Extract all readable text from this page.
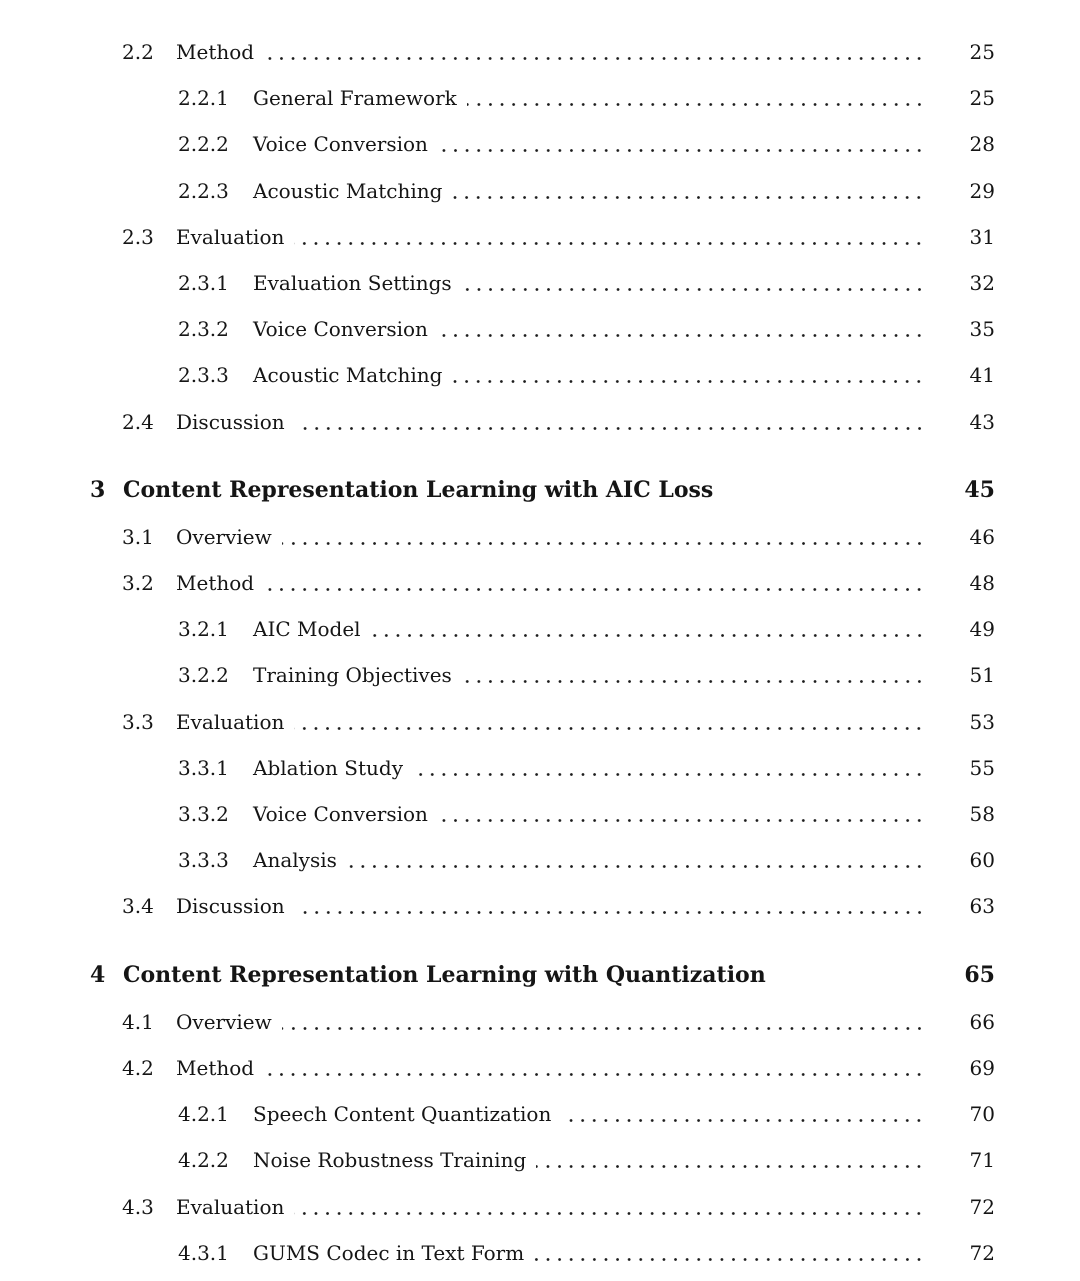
2.2	Method	25
2.2.1	General Framework	25
2.2.2	Voice Conversion	28
2.2.3	Acoustic Matching	29
2.3	Evaluation	31
2.3.1	Evaluation Settings	32
2.3.2	Voice Conversion	35
2.3.3	Acoustic Matching	41
2.4	Discussion	43
3 Content Representation Learning with AIC Loss	45
3.1	Overview	46
3.2	Method	48
3.2.1	AIC Model	49
3.2.2	Training Objectives	51
3.3	Evaluation	53
3.3.1	Ablation Study	55
3.3.2	Voice Conversion	58
3.3.3	Analysis	60
3.4	Discussion	63
4 Content Representation Learning with Quantization	65
4.1	Overview	66
4.2	Method	69
4.2.1	Speech Content Quantization	70
4.2.2	Noise Robustness Training	71
4.3	Evaluation	72
4.3.1	GUMS Codec in Text Form	72
